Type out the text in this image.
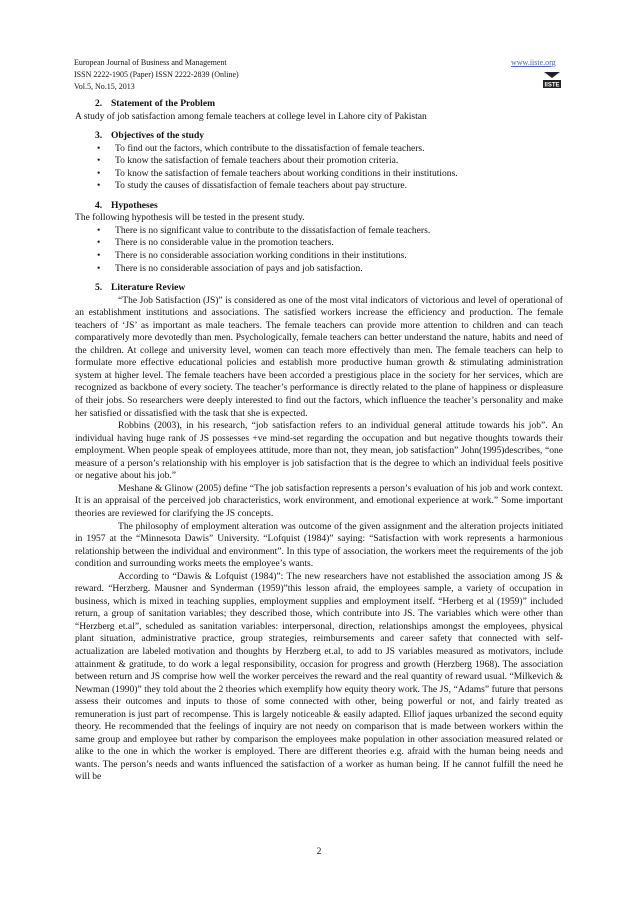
European Journal of Business and Management
ISSN 2222-1905 (Paper) ISSN 2222-2839 (Online)
Vol.5, No.15, 2013
www.iiste.org
IISTE
2. Statement of the Problem

A study of job satisfaction among female teachers at college level in Lahore city of Pakistan

3. Objectives of the study
• To find out the factors, which contribute to the dissatisfaction of female teachers.
• To know the satisfaction of female teachers about their promotion criteria.
• To know the satisfaction of female teachers about working conditions in their institutions.
• To study the causes of dissatisfaction of female teachers about pay structure.
4. Hypotheses

The following hypothesis will be tested in the present study.

• There is no significant value to contribute to the dissatisfaction of female teachers.
• There is no considerable value in the promotion teachers.
• There is no considerable association working conditions in their institutions.
• There is no considerable association of pays and job satisfaction.
5. Literature Review

“The Job Satisfaction (JS)” is considered as one of the most vital indicators of victorious and level of operational of an establishment institutions and associations. The satisfied workers increase the efficiency and production. The female teachers of ‘JS’ as important as male teachers. The female teachers can provide more attention to children and can teach comparatively more devotedly than men. Psychologically, female teachers can better understand the nature, habits and need of the children. At college and university level, women can teach more effectively than men. The female teachers can help to formulate more effective educational policies and establish more productive human growth & stimulating administration system at higher level. The female teachers have been accorded a prestigious place in the society for her services, which are recognized as backbone of every society. The teacher’s performance is directly related to the plane of happiness or displeasure of their jobs. So researchers were deeply interested to find out the factors, which influence the teacher’s personality and make her satisfied or dissatisfied with the task that she is expected.

Robbins (2003), in his research, “job satisfaction refers to an individual general attitude towards his job”. An individual having huge rank of JS possesses +ve mind-set regarding the occupation and but negative thoughts towards their employment. When people speak of employees attitude, more than not, they mean, job satisfaction” John(1995)describes, “one measure of a person’s relationship with his employer is job satisfaction that is the degree to which an individual feels positive or negative about his job.”

Meshane & Glinow (2005) define “The job satisfaction represents a person’s evaluation of his job and work context. It is an appraisal of the perceived job characteristics, work environment, and emotional experience at work.” Some important theories are reviewed for clarifying the JS concepts.

The philosophy of employment alteration was outcome of the given assignment and the alteration projects initiated in 1957 at the “Minnesota Dawis” University. “Lofquist (1984)” saying: “Satisfaction with work represents a harmonious relationship between the individual and environment”. In this type of association, the workers meet the requirements of the job condition and surrounding works meets the employee’s wants.

According to “Dawis & Lofquist (1984)”: The new researchers have not established the association among JS & reward. “Herzberg. Mausner and Synderman (1959)”this lesson afraid, the employees sample, a variety of occupation in business, which is mixed in teaching supplies, employment supplies and employment itself. “Herberg et al (1959)” included return, a group of sanitation variables; they described those, which contribute into JS. The variables which were other than “Herzberg et.al”, scheduled as sanitation variables: interpersonal, direction, relationships amongst the employees, physical plant situation, administrative practice, group strategies, reimbursements and career safety that connected with self-actualization are labeled motivation and thoughts by Herzberg et.al, to add to JS variables measured as motivators, include attainment & gratitude, to do work a legal responsibility, occasion for progress and growth (Herzberg 1968). The association between return and JS comprise how well the worker perceives the reward and the real quantity of reward usual. “Milkevich & Newman (1990)” they told about the 2 theories which exemplify how equity theory work. The JS, “Adams” future that persons assess their outcomes and inputs to those of some connected with other, being powerful or not, and fairly treated as remuneration is just part of recompense. This is largely noticeable & easily adapted. Elliof jaques urbanized the second equity theory. He recommended that the feelings of inquiry are not needy on comparison that is made between workers within the same group and employee but rather by comparison the employees make population in other association measured related or alike to the one in which the worker is employed. There are different theories e.g. afraid with the human being needs and wants. The person’s needs and wants influenced the satisfaction of a worker as human being. If he cannot fulfill the need he will be

2
